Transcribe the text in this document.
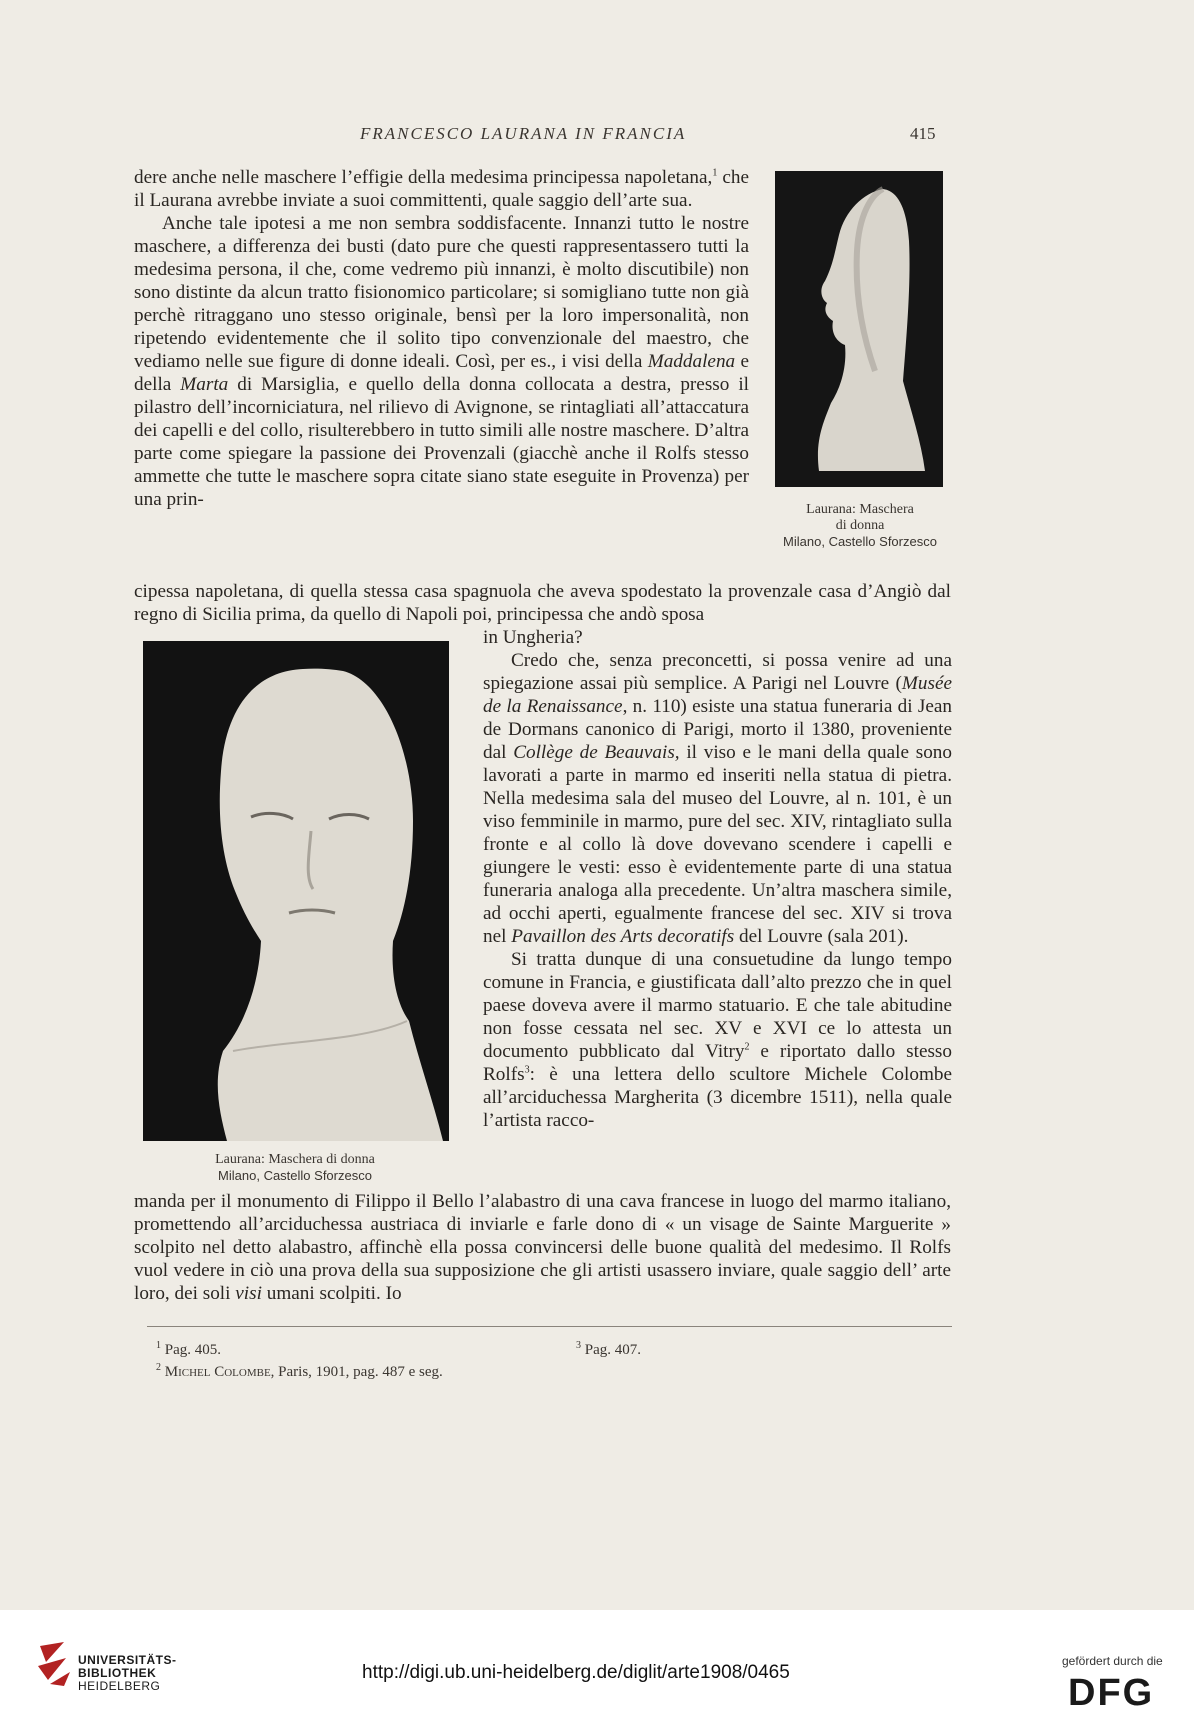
FRANCESCO LAURANA IN FRANCIA	415
Laurana: Maschera
di donna
Milano, Castello Sforzesco

dere anche nelle maschere l’effigie della medesima principessa napoletana,$^1$ che il Laurana avrebbe inviate a suoi committenti, quale saggio dell’arte sua.

Anche tale ipotesi a me non sembra soddisfacente. Innanzi tutto le nostre maschere, a differenza dei busti (dato pure che questi rappresentassero tutti la medesima persona, il che, come vedremo più innanzi, è molto discutibile) non sono distinte da alcun tratto fisionomico particolare; si somigliano tutte non già perchè ritraggano uno stesso originale, bensì per la loro impersonalità, non ripetendo evidentemente che il solito tipo convenzionale del maestro, che vediamo nelle sue figure di donne ideali. Così, per es., i visi della Maddalena e della Marta di Marsiglia, e quello della donna collocata a destra, presso il pilastro dell’incorniciatura, nel rilievo di Avignone, se rintagliati all’attaccatura dei capelli e del collo, risulterebbero in tutto simili alle nostre maschere. D’altra parte come spiegare la passione dei Provenzali (giacchè anche il Rolfs stesso ammette che tutte le maschere sopra citate siano state eseguite in Provenza) per una prin-

cipessa napoletana, di quella stessa casa spagnuola che aveva spodestato la provenzale casa d’Angiò dal regno di Sicilia prima, da quello di Napoli poi, principessa che andò sposa

Laurana: Maschera di donna
Milano, Castello Sforzesco

in Ungheria?

Credo che, senza preconcetti, si possa venire ad una spiegazione assai più semplice. A Parigi nel Louvre (Musée de la Renaissance, n. 110) esiste una statua funeraria di Jean de Dormans canonico di Parigi, morto il 1380, proveniente dal Collège de Beauvais, il viso e le mani della quale sono lavorati a parte in marmo ed inseriti nella statua di pietra. Nella medesima sala del museo del Louvre, al n. 101, è un viso femminile in marmo, pure del sec. XIV, rintagliato sulla fronte e al collo là dove dovevano scendere i capelli e giungere le vesti: esso è evidentemente parte di una statua funeraria analoga alla precedente. Un’altra maschera simile, ad occhi aperti, egualmente francese del sec. XIV si trova nel Pavaillon des Arts decoratifs del Louvre (sala 201).

Si tratta dunque di una consuetudine da lungo tempo comune in Francia, e giustificata dall’alto prezzo che in quel paese doveva avere il marmo statuario. E che tale abitudine non fosse cessata nel sec. XV e XVI ce lo attesta un documento pubblicato dal Vitry$^2$ e riportato dallo stesso Rolfs$^3$: è una lettera dello scultore Michele Colombe all’arciduchessa Margherita (3 dicembre 1511), nella quale l’artista racco-

manda per il monumento di Filippo il Bello l’alabastro di una cava francese in luogo del marmo italiano, promettendo all’arciduchessa austriaca di inviarle e farle dono di « un visage de Sainte Marguerite » scolpito nel detto alabastro, affinchè ella possa convincersi delle buone qualità del medesimo. Il Rolfs vuol vedere in ciò una prova della sua supposizione che gli artisti usassero inviare, quale saggio dell’ arte loro, dei soli visi umani scolpiti. Io

$^1$ Pag. 405.	$^3$ Pag. 407.
$^2$ Michel Colombe, Paris, 1901, pag. 487 e seg.
UNIVERSITÄTS-
BIBLIOTHEK
HEIDELBERG
http://digi.ub.uni-heidelberg.de/diglit/arte1908/0465
gefördert durch die
DFG
